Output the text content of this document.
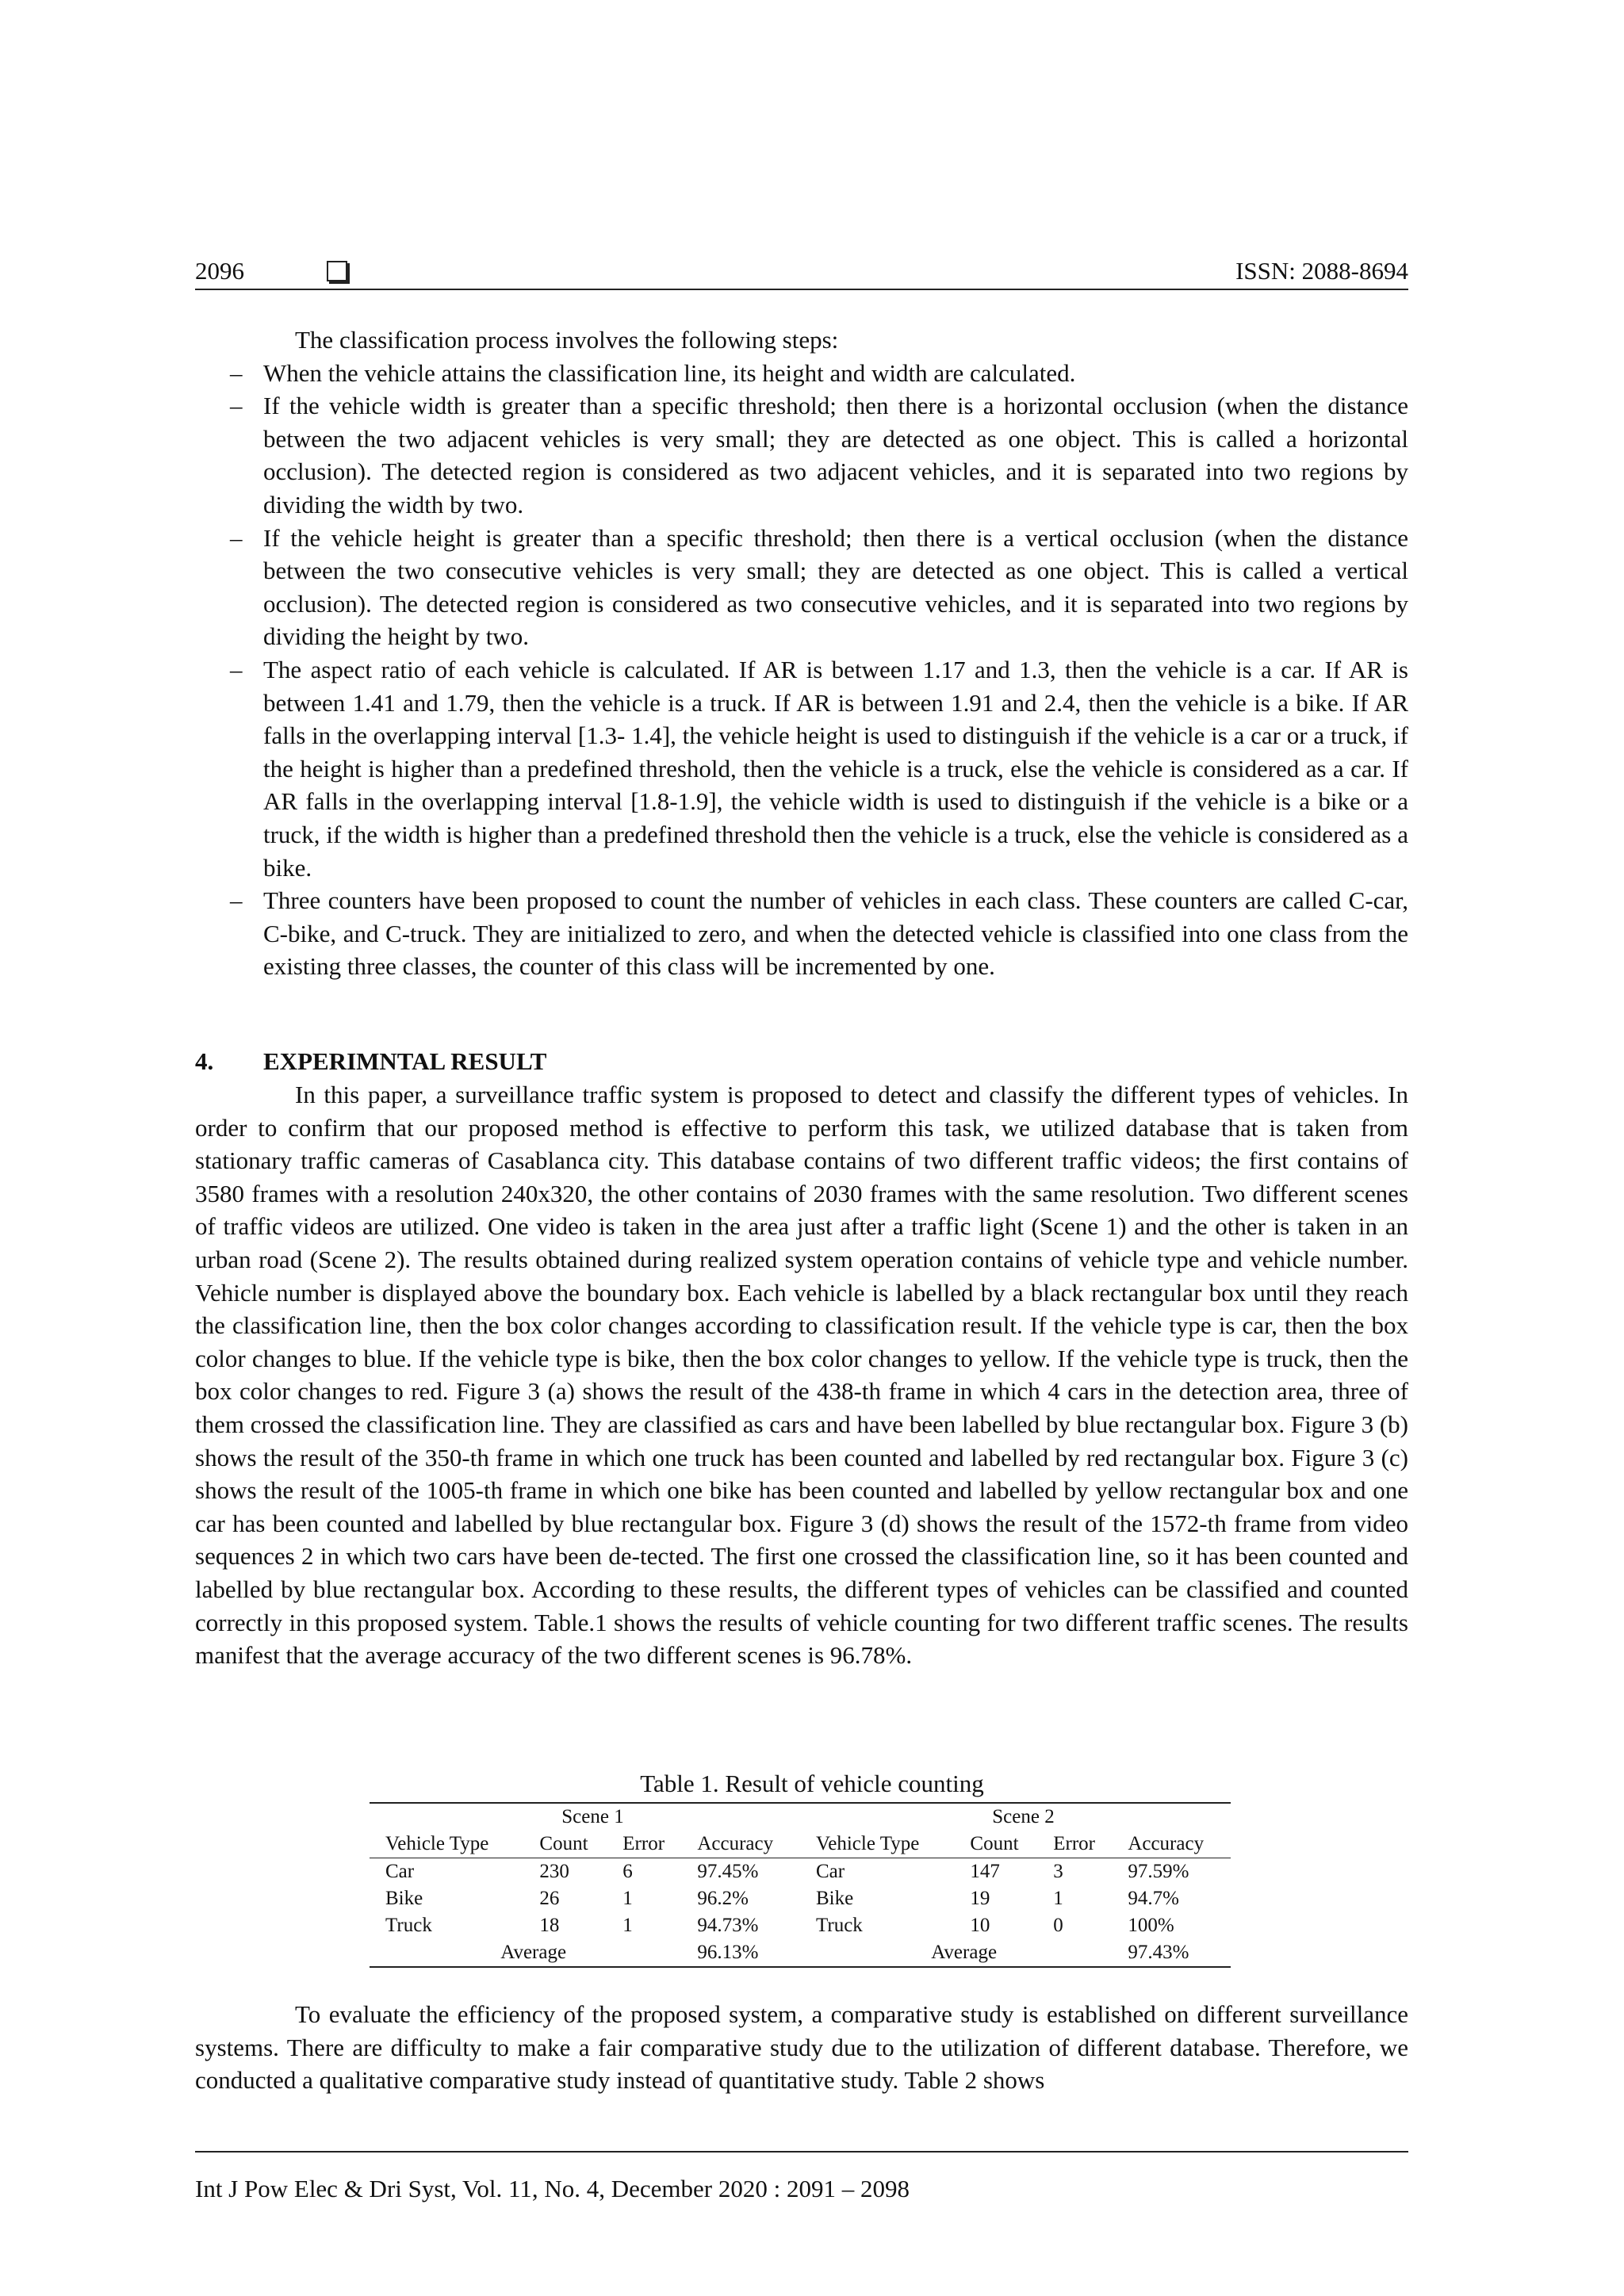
2096	ISSN: 2088-8694
The classification process involves the following steps:
– When the vehicle attains the classification line, its height and width are calculated.
– If the vehicle width is greater than a specific threshold; then there is a horizontal occlusion (when the distance between the two adjacent vehicles is very small; they are detected as one object. This is called a horizontal occlusion). The detected region is considered as two adjacent vehicles, and it is separated into two regions by dividing the width by two.
– If the vehicle height is greater than a specific threshold; then there is a vertical occlusion (when the distance between the two consecutive vehicles is very small; they are detected as one object. This is called a vertical occlusion). The detected region is considered as two consecutive vehicles, and it is separated into two regions by dividing the height by two.
– The aspect ratio of each vehicle is calculated. If AR is between 1.17 and 1.3, then the vehicle is a car. If AR is between 1.41 and 1.79, then the vehicle is a truck. If AR is between 1.91 and 2.4, then the vehicle is a bike. If AR falls in the overlapping interval [1.3- 1.4], the vehicle height is used to distinguish if the vehicle is a car or a truck, if the height is higher than a predefined threshold, then the vehicle is a truck, else the vehicle is considered as a car. If AR falls in the overlapping interval [1.8-1.9], the vehicle width is used to distinguish if the vehicle is a bike or a truck, if the width is higher than a predefined threshold then the vehicle is a truck, else the vehicle is considered as a bike.
– Three counters have been proposed to count the number of vehicles in each class. These counters are called C-car, C-bike, and C-truck. They are initialized to zero, and when the detected vehicle is classified into one class from the existing three classes, the counter of this class will be incremented by one.
4. EXPERIMNTAL RESULT
In this paper, a surveillance traffic system is proposed to detect and classify the different types of vehicles. In order to confirm that our proposed method is effective to perform this task, we utilized database that is taken from stationary traffic cameras of Casablanca city. This database contains of two different traffic videos; the first contains of 3580 frames with a resolution 240x320, the other contains of 2030 frames with the same resolution. Two different scenes of traffic videos are utilized. One video is taken in the area just after a traffic light (Scene 1) and the other is taken in an urban road (Scene 2). The results obtained during realized system operation contains of vehicle type and vehicle number. Vehicle number is displayed above the boundary box. Each vehicle is labelled by a black rectangular box until they reach the classification line, then the box color changes according to classification result. If the vehicle type is car, then the box color changes to blue. If the vehicle type is bike, then the box color changes to yellow. If the vehicle type is truck, then the box color changes to red. Figure 3 (a) shows the result of the 438-th frame in which 4 cars in the detection area, three of them crossed the classification line. They are classified as cars and have been labelled by blue rectangular box. Figure 3 (b) shows the result of the 350-th frame in which one truck has been counted and labelled by red rectangular box. Figure 3 (c) shows the result of the 1005-th frame in which one bike has been counted and labelled by yellow rectangular box and one car has been counted and labelled by blue rectangular box. Figure 3 (d) shows the result of the 1572-th frame from video sequences 2 in which two cars have been de-tected. The first one crossed the classification line, so it has been counted and labelled by blue rectangular box. According to these results, the different types of vehicles can be classified and counted correctly in this proposed system. Table.1 shows the results of vehicle counting for two different traffic scenes. The results manifest that the average accuracy of the two different scenes is 96.78%.
Table 1. Result of vehicle counting
Scene 1				Scene 2			
Vehicle Type	Count	Error	Accuracy	Vehicle Type	Count	Error	Accuracy
Car	230	6	97.45%	Car	147	3	97.59%
Bike	26	1	96.2%	Bike	19	1	94.7%
Truck	18	1	94.73%	Truck	10	0	100%
Average			96.13%	Average			97.43%
To evaluate the efficiency of the proposed system, a comparative study is established on different surveillance systems. There are difficulty to make a fair comparative study due to the utilization of different database. Therefore, we conducted a qualitative comparative study instead of quantitative study. Table 2 shows
Int J Pow Elec & Dri Syst, Vol. 11, No. 4, December 2020 : 2091 – 2098
